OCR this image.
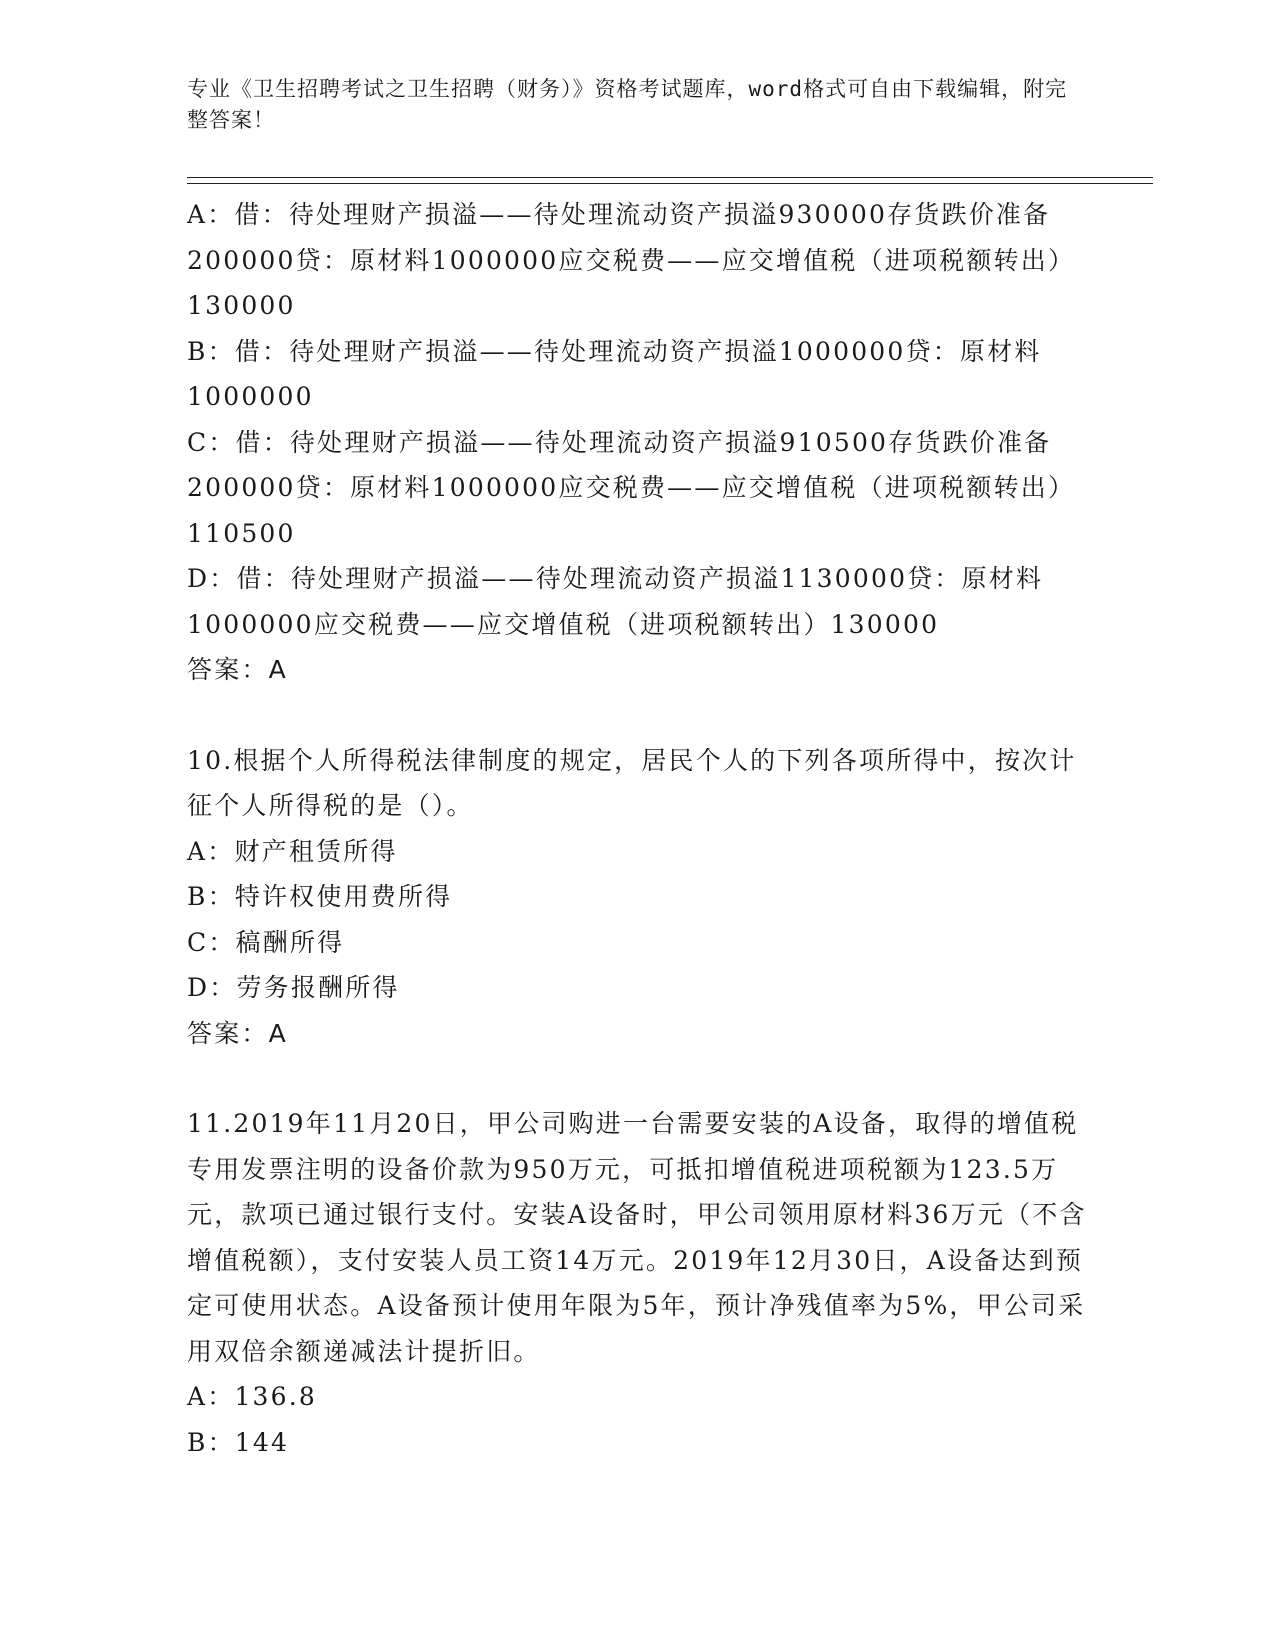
专业《卫生招聘考试之卫生招聘（财务）》资格考试题库，word格式可自由下载编辑，附完整答案！

A：借：待处理财产损溢——待处理流动资产损溢930000存货跌价准备200000贷：原材料1000000应交税费——应交增值税（进项税额转出）130000

B：借：待处理财产损溢——待处理流动资产损溢1000000贷：原材料1000000

C：借：待处理财产损溢——待处理流动资产损溢910500存货跌价准备200000贷：原材料1000000应交税费——应交增值税（进项税额转出）110500

D：借：待处理财产损溢——待处理流动资产损溢1130000贷：原材料1000000应交税费——应交增值税（进项税额转出）130000

答案：A

10.根据个人所得税法律制度的规定，居民个人的下列各项所得中，按次计征个人所得税的是（）。

A：财产租赁所得

B：特许权使用费所得

C：稿酬所得

D：劳务报酬所得

答案：A

11.2019年11月20日，甲公司购进一台需要安装的A设备，取得的增值税专用发票注明的设备价款为950万元，可抵扣增值税进项税额为123.5万元，款项已通过银行支付。安装A设备时，甲公司领用原材料36万元（不含增值税额），支付安装人员工资14万元。2019年12月30日，A设备达到预定可使用状态。A设备预计使用年限为5年，预计净残值率为5%，甲公司采用双倍余额递减法计提折旧。

A：136.8

B：144
